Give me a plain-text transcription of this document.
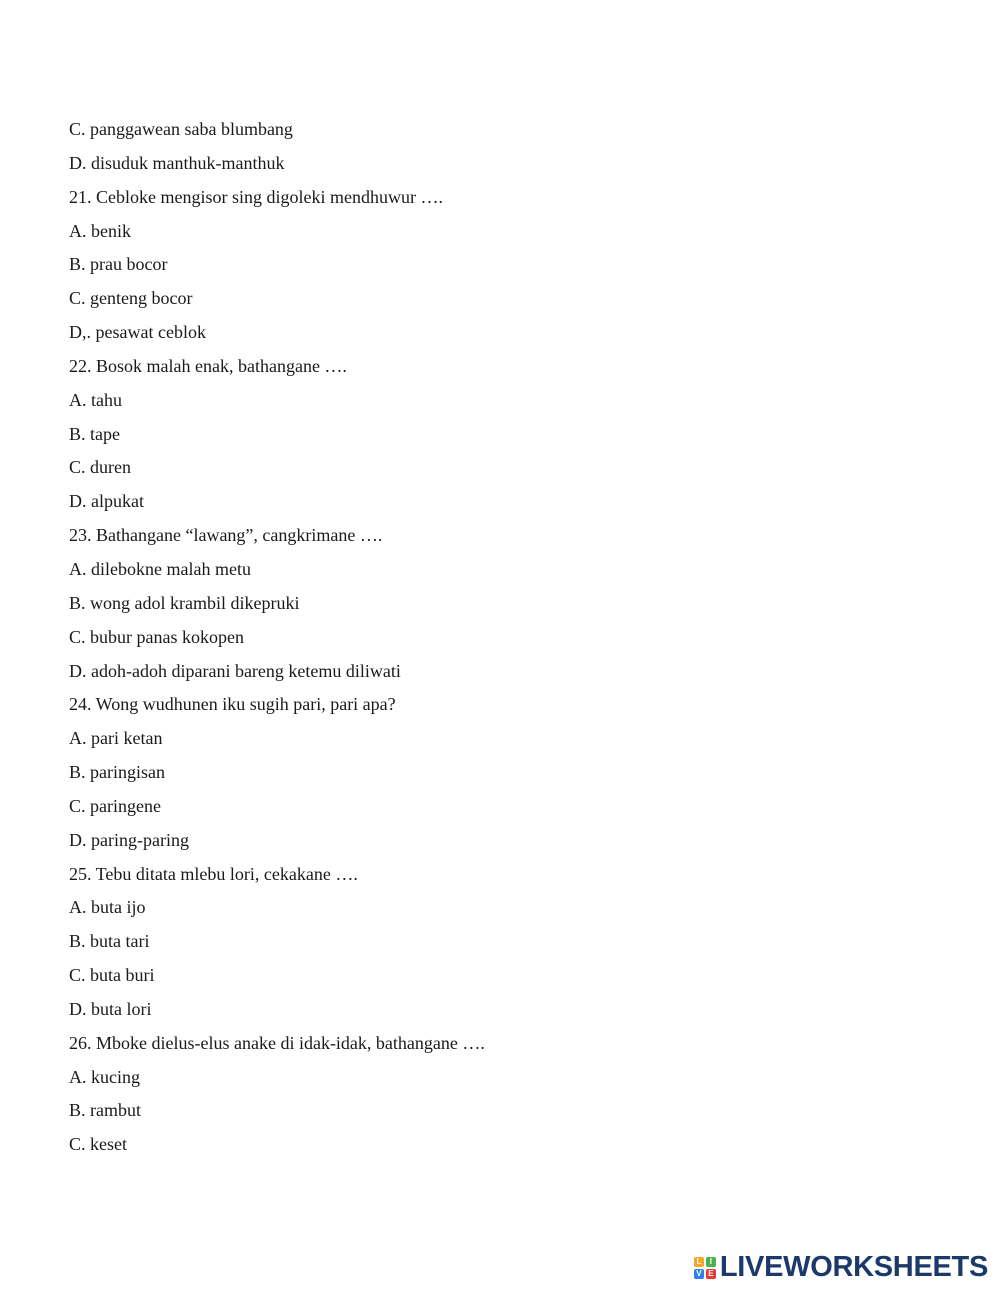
C. panggawean saba blumbang
D. disuduk manthuk-manthuk
21. Cebloke mengisor sing digoleki mendhuwur ….
A. benik
B. prau bocor
C. genteng bocor
D,. pesawat ceblok
22. Bosok malah enak, bathangane ….
A. tahu
B. tape
C. duren
D. alpukat
23. Bathangane “lawang”, cangkrimane ….
A. dilebokne malah metu
B. wong adol krambil dikepruki
C. bubur panas kokopen
D. adoh-adoh diparani bareng ketemu diliwati
24. Wong wudhunen iku sugih pari, pari apa?
A. pari ketan
B. paringisan
C. paringene
D. paring-paring
25. Tebu ditata mlebu lori, cekakane ….
A. buta ijo
B. buta tari
C. buta buri
D. buta lori
26. Mboke dielus-elus anake di idak-idak, bathangane ….
A. kucing
B. rambut
C. keset
L	I
V E LIVEWORKSHEETS
